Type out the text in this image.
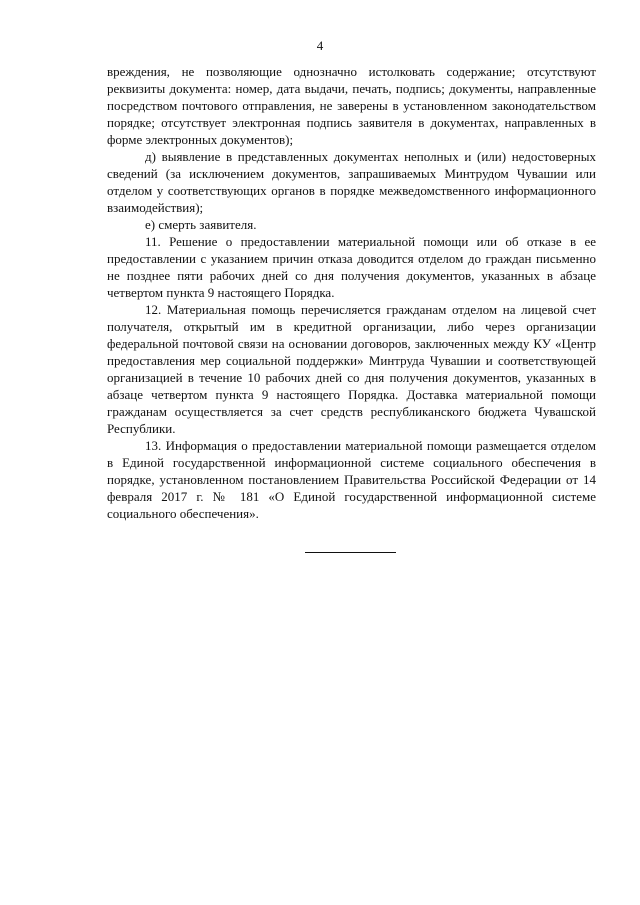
4

вреждения, не позволяющие однозначно истолковать содержание; отсутствуют реквизиты документа: номер, дата выдачи, печать, подпись; документы, направленные посредством почтового отправления, не заверены в установленном законодательством порядке; отсутствует электронная подпись заявителя в документах, направленных в форме электронных документов);

д) выявление в представленных документах неполных и (или) недостоверных сведений (за исключением документов, запрашиваемых Минтрудом Чувашии или отделом у соответствующих органов в порядке межведомственного информационного взаимодействия);

е) смерть заявителя.

11. Решение о предоставлении материальной помощи или об отказе в ее предоставлении с указанием причин отказа доводится отделом до граждан письменно не позднее пяти рабочих дней со дня получения документов, указанных в абзаце четвертом пункта 9 настоящего Порядка.

12. Материальная помощь перечисляется гражданам отделом на лицевой счет получателя, открытый им в кредитной организации, либо через организации федеральной почтовой связи на основании договоров, заключенных между КУ «Центр предоставления мер социальной поддержки» Минтруда Чувашии и соответствующей организацией в течение 10 рабочих дней со дня получения документов, указанных в абзаце четвертом пункта 9 настоящего Порядка. Доставка материальной помощи гражданам осуществляется за счет средств республиканского бюджета Чувашской Республики.

13. Информация о предоставлении материальной помощи размещается отделом в Единой государственной информационной системе социального обеспечения в порядке, установленном постановлением Правительства Российской Федерации от 14 февраля 2017 г. № 181 «О Единой государственной информационной системе социального обеспечения».
